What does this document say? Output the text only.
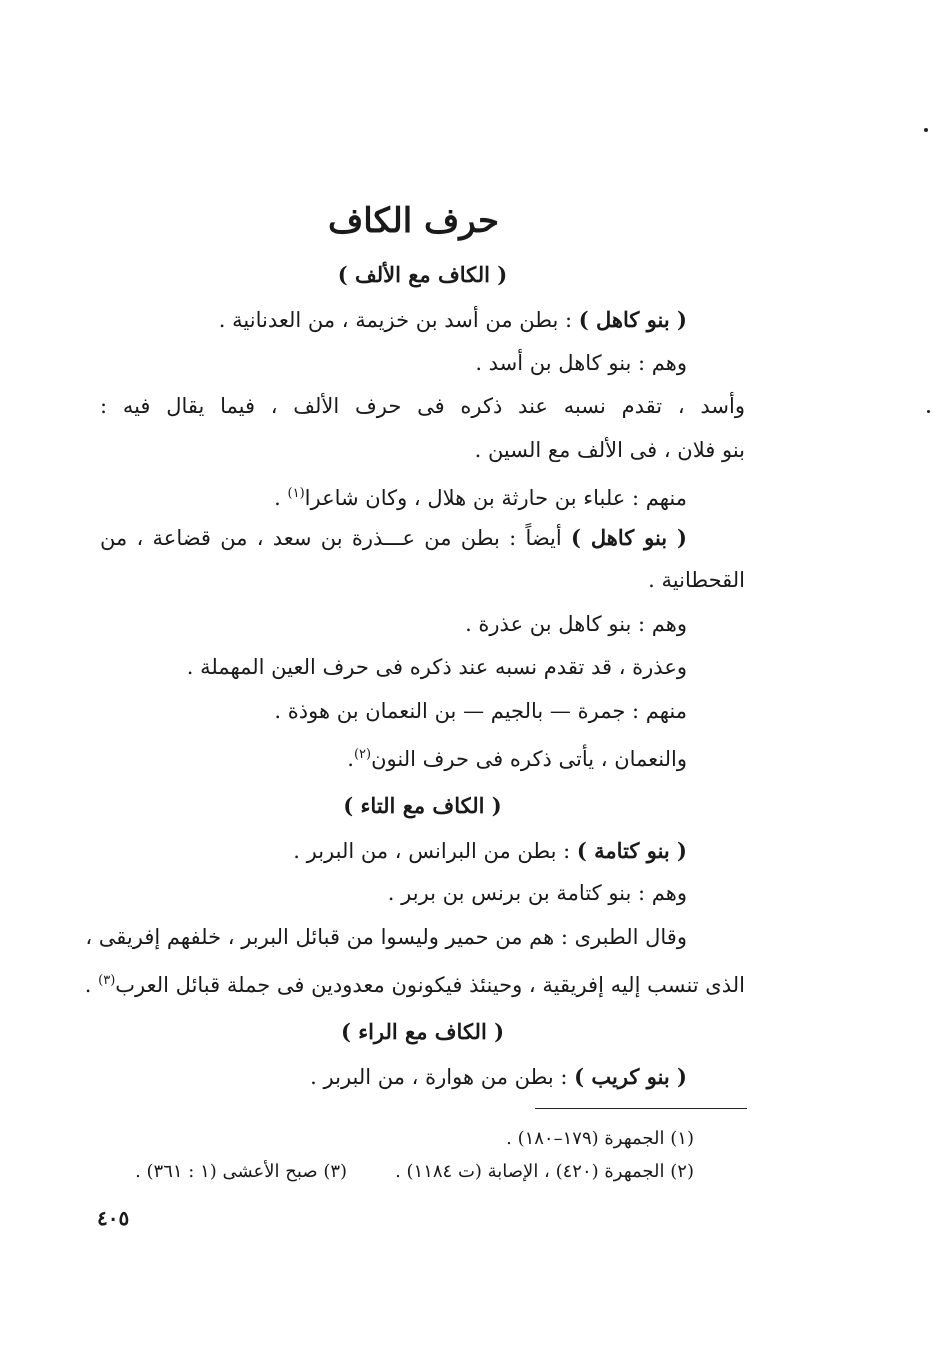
حرف الكاف
( الكاف مع الألف )

( بنو كاهل ) : بطن من أسد بن خزيمة ، من العدنانية .

وهم : بنو كاهل بن أسد .

وأسد ، تقدم نسبه عند ذكره فى حرف الألف ، فيما يقال فيه :

بنو فلان ، فى الألف مع السين .

منهم : علباء بن حارثة بن هلال ، وكان شاعرا$^{(١)}$ .

( بنو كاهل ) أيضاً : بطن من عـــذرة بن سعد ، من قضاعة ، من

القحطانية .

وهم : بنو كاهل بن عذرة .

وعذرة ، قد تقدم نسبه عند ذكره فى حرف العين المهملة .

منهم : جمرة — بالجيم — بن النعمان بن هوذة .

والنعمان ، يأتى ذكره فى حرف النون$^{(٢)}$.

( الكاف مع التاء )

( بنو كتامة ) : بطن من البرانس ، من البربر .

وهم : بنو كتامة بن برنس بن بربر .

وقال الطبرى : هم من حمير وليسوا من قبائل البربر ، خلفهم إفريقى ،

الذى تنسب إليه إفريقية ، وحينئذ فيكونون معدودين فى جملة قبائل العرب$^{(٣)}$ .

( الكاف مع الراء )

( بنو كريب ) : بطن من هوارة ، من البربر .

(١) الجمهرة (١٧٩–١٨٠) .
(٢) الجمهرة (٤٢٠) ، الإصابة (ت ١١٨٤) .(٣) صبح الأعشى (١ : ٣٦١) .
٤٠٥
